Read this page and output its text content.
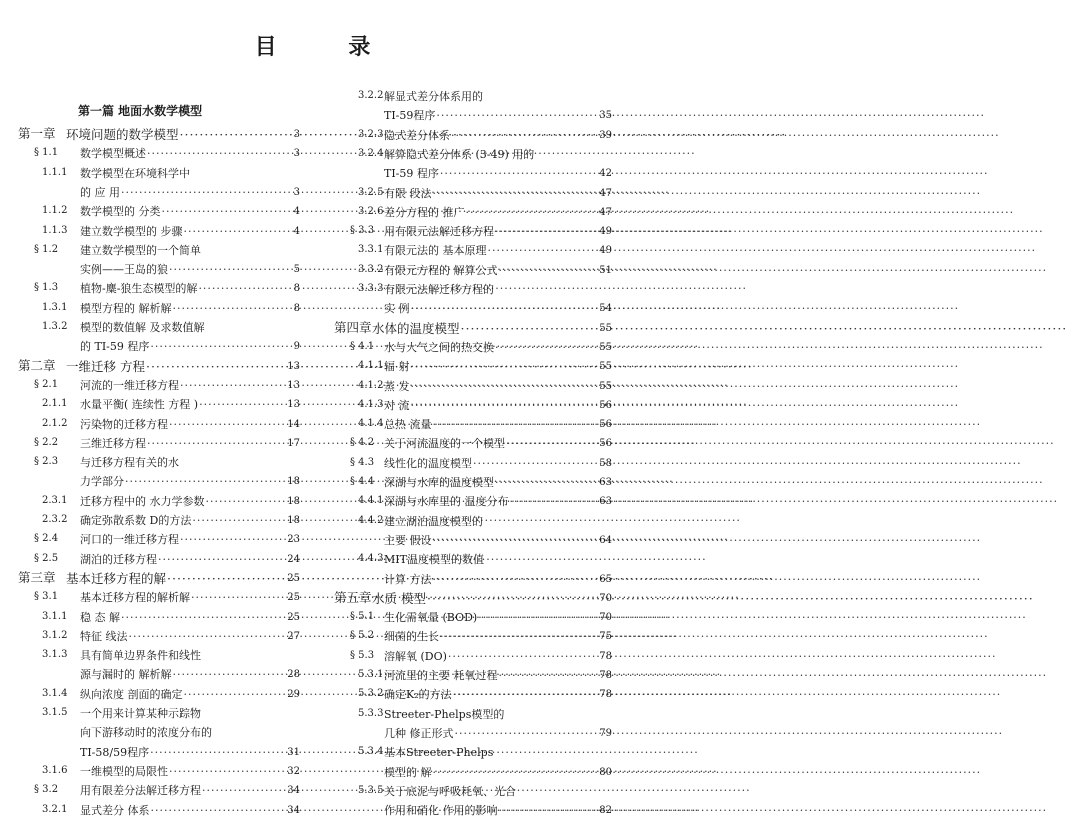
目 录
第一篇 地面水数学模型
第一章 环境问题的数学模型 ·····	3
§ 1.1 数学模型概述 ·····	3
1.1.1 数学模型在环境科学中
的 应 用 ·····	3
1.1.2 数学模型的 分类 ·····	4
1.1.3 建立数学模型的 步骤 ·····	4
§ 1.2 建立数学模型的一个简单
实例——王岛的狼 ·····	5
§ 1.3 植物-麋-狼生态模型的解 ·····	8
1.3.1 模型方程的 解析解 ·····	8
1.3.2 模型的数值解 及求数值解
的 TI-59 程序 ·····	9
第二章 一维迁移 方程 ·····	13
§ 2.1 河流的一维迁移方程 ·····	13
2.1.1 水量平衡( 连续性 方程 ) ·····	13
2.1.2 污染物的迁移方程 ·····	14
§ 2.2 三维迁移方程 ·····	17
§ 2.3 与迁移方程有关的水
力学部分 ·····	18
2.3.1 迁移方程中的 水力学参数 ·····	18
2.3.2 确定弥散系数 D的方法 ·····	18
§ 2.4 河口的一维迁移方程 ·····	23
§ 2.5 湖泊的迁移方程 ·····	24
第三章 基本迁移方程的解 ·····	25
§ 3.1 基本迁移方程的解析解 ·····	25
3.1.1 稳 态 解 ·····	25
3.1.2 特征 线法 ·····	27
3.1.3 具有简单边界条件和线性
源与漏时的 解析解 ·····	28
3.1.4 纵向浓度 剖面的确定 ·····	29
3.1.5 一个用来计算某种示踪物
向下游移动时的浓度分布的
TI-58/59程序 ·····	31
3.1.6 一维模型的局限性 ·····	32
§ 3.2 用有限差分法解迁移方程 ·····	34
3.2.1 显式差分 体系 ·····	34
3.2.2 解显式差分体系用的
TI-59程序 ·····	35
3.2.3 隐式差分体系 ·····	39
3.2.4 解算隐式差分体系 (3-49) 用的
TI-59 程序 ·····	42
3.2.5 有限 段法 ·····	47
3.2.6 差分方程的 推广 ·····	47
§ 3.3 用有限元法解迁移方程 ·····	49
3.3.1 有限元法的 基本原理 ·····	49
3.3.2 有限元方程的 解算公式 ·····	51
3.3.3 有限元法解迁移方程的
实 例 ·····	54
第四章 水体的温度模型 ·····	55
§ 4.1 水与大气之间的热交换 ·····	55
4.1.1 辐 射 ·····	55
4.1.2 蒸 发 ·····	55
4.1.3 对 流 ·····	56
4.1.4 总热 流量 ·····	56
§ 4.2 关于河流温度的一个模型 ·····	56
§ 4.3 线性化的温度模型 ·····	58
§ 4.4 深湖与水库的温度模型 ·····	63
4.4.1 深湖与水库里的 温度分布 ·····	63
4.4.2 建立湖泊温度模型的
主要 假设 ·····	64
4.4.3 MIT温度模型的数值
计算 方法 ·····	65
第五章 水质 模型 ·····	70
§ 5.1 生化需氧量 (BOD) ·····	70
§ 5.2 细菌的生长 ·····	75
§ 5.3 溶解氧 (DO) ·····	78
5.3.1 河流里的主要 耗氧过程 ·····	78
5.3.2 确定K₂的方法 ·····	78
5.3.3 Streeter-Phelps模型的
几种 修正形式 ·····	79
5.3.4 基本Streeter-Phelps
模型的 解 ·····	80
5.3.5 关于底泥与呼吸耗氧、光合
作用和硝化 作用的影响 ·····	82
